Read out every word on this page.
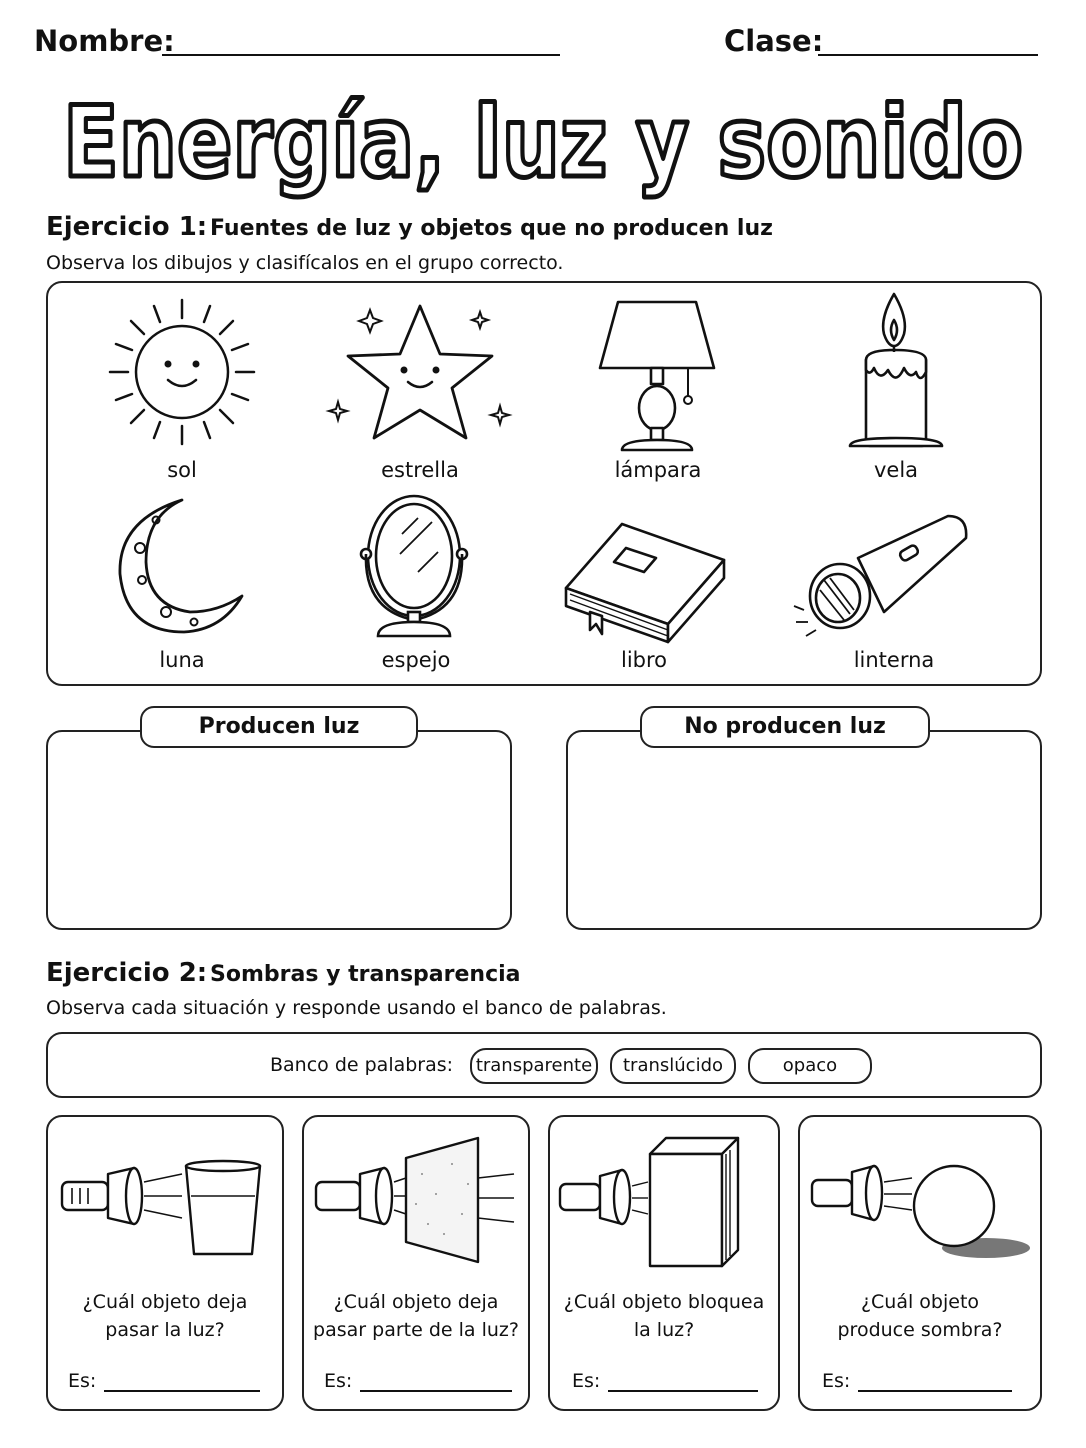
Nombre:	Clase:
Energía, luz y sonido
Ejercicio 1: Fuentes de luz y objetos que no producen luz
Observa los dibujos y clasifícalos en el grupo correcto.
sol	estrella	lámpara	vela
luna	espejo	libro	linterna
Producen luz	No producen luz
Ejercicio 2: Sombras y transparencia
Observa cada situación y responde usando el banco de palabras.
Banco de palabras:	transparente	translúcido	opaco
¿Cuál objeto deja
pasar la luz?
¿Cuál objeto deja
pasar parte de la luz?
¿Cuál objeto bloquea
la luz?
¿Cuál objeto
produce sombra?
Es:	Es:	Es:	Es:
